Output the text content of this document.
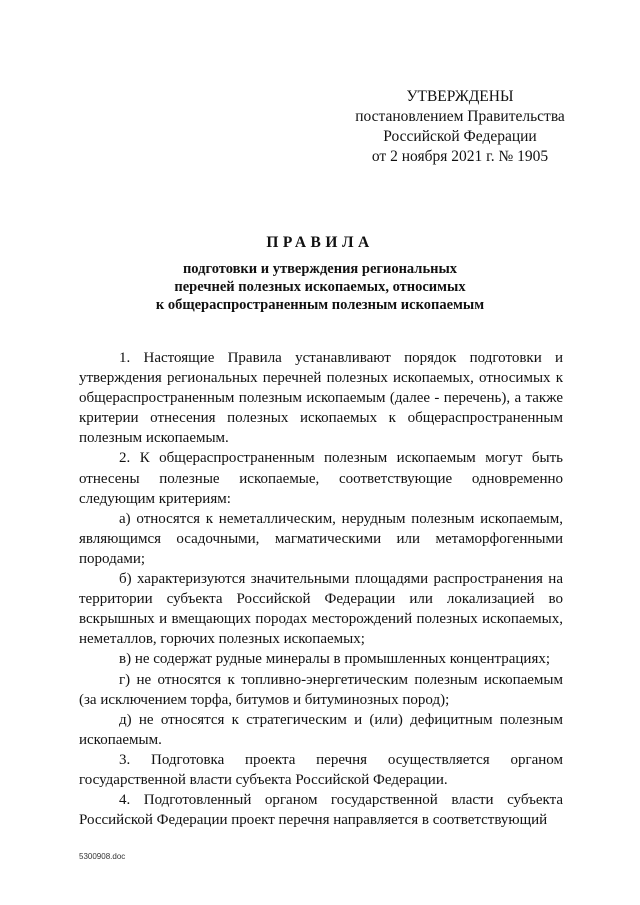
УТВЕРЖДЕНЫ
постановлением Правительства
Российской Федерации
от 2 ноября 2021 г. № 1905
ПРАВИЛА
подготовки и утверждения региональных
перечней полезных ископаемых, относимых
к общераспространенным полезным ископаемым

1. Настоящие Правила устанавливают порядок подготовки и утверждения региональных перечней полезных ископаемых, относимых к общераспространенным полезным ископаемым (далее - перечень), а также критерии отнесения полезных ископаемых к общераспространенным полезным ископаемым.

2. К общераспространенным полезным ископаемым могут быть отнесены полезные ископаемые, соответствующие одновременно следующим критериям:

а) относятся к неметаллическим, нерудным полезным ископаемым, являющимся осадочными, магматическими или метаморфогенными породами;

б) характеризуются значительными площадями распространения на территории субъекта Российской Федерации или локализацией во вскрышных и вмещающих породах месторождений полезных ископаемых, неметаллов, горючих полезных ископаемых;

в) не содержат рудные минералы в промышленных концентрациях;

г) не относятся к топливно-энергетическим полезным ископаемым (за исключением торфа, битумов и битуминозных пород);

д) не относятся к стратегическим и (или) дефицитным полезным ископаемым.

3. Подготовка проекта перечня осуществляется органом государственной власти субъекта Российской Федерации.

4. Подготовленный органом государственной власти субъекта Российской Федерации проект перечня направляется в соответствующий

5300908.doc
